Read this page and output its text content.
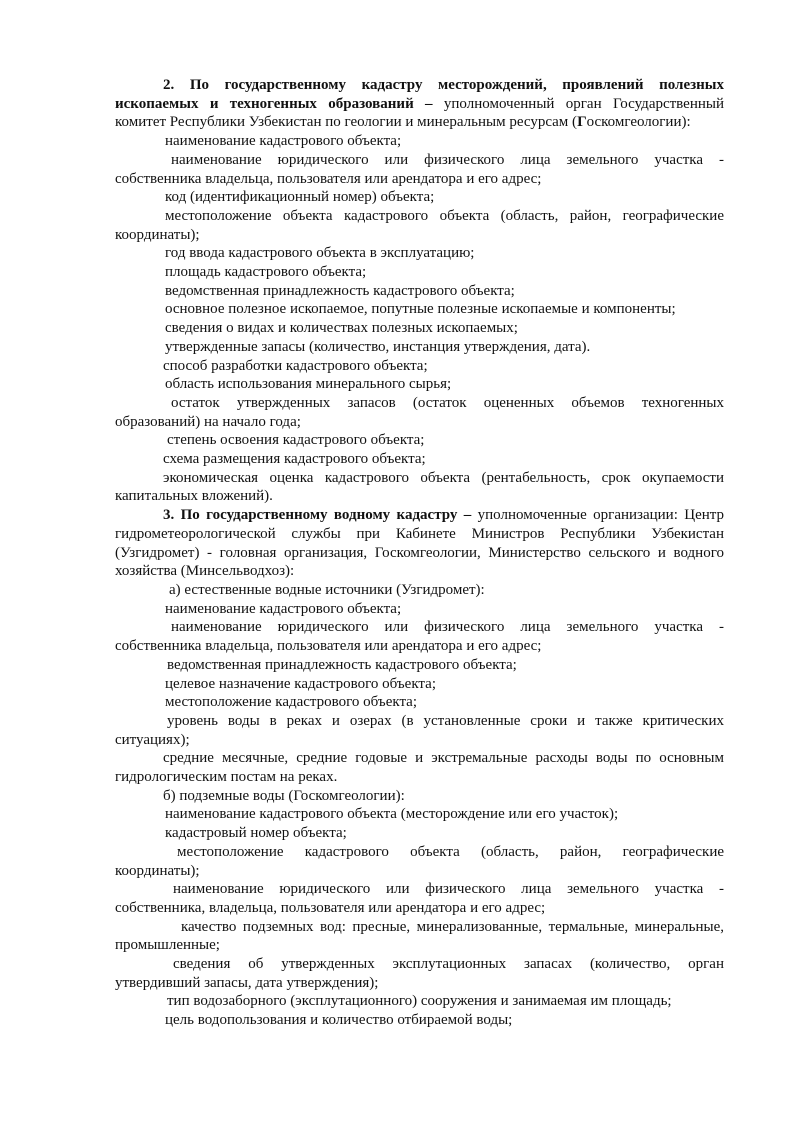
2. По государственному кадастру месторождений, проявлений полезных ископаемых и техногенных образований – уполномоченный орган Государственный комитет Республики Узбекистан по геологии и минеральным ресурсам (Госкомгеологии):

наименование кадастрового объекта;

наименование юридического или физического лица земельного участка - собственника владельца, пользователя или арендатора и его адрес;

код (идентификационный номер) объекта;

местоположение объекта кадастрового объекта (область, район, географические координаты);

год ввода кадастрового объекта в эксплуатацию;

площадь кадастрового объекта;

ведомственная принадлежность кадастрового объекта;

основное полезное ископаемое, попутные полезные ископаемые и компоненты;

сведения о видах и количествах полезных ископаемых;

утвержденные запасы (количество, инстанция утверждения, дата).

способ разработки кадастрового объекта;

область использования минерального сырья;

остаток утвержденных запасов (остаток оцененных объемов техногенных образований) на начало года;

степень освоения кадастрового объекта;

схема размещения кадастрового объекта;

экономическая оценка кадастрового объекта (рентабельность, срок окупаемости капитальных вложений).

3. По государственному водному кадастру – уполномоченные организации: Центр гидрометеорологической службы при Кабинете Министров Республики Узбекистан (Узгидромет) - головная организация, Госкомгеологии, Министерство сельского и водного хозяйства (Минсельводхоз):

а) естественные водные источники (Узгидромет):

наименование кадастрового объекта;

наименование юридического или физического лица земельного участка - собственника владельца, пользователя или арендатора и его адрес;

ведомственная принадлежность кадастрового объекта;

целевое назначение кадастрового объекта;

местоположение кадастрового объекта;

уровень воды в реках и озерах (в установленные сроки и также критических ситуациях);

средние месячные, средние годовые и экстремальные расходы воды по основным гидрологическим постам на реках.

б) подземные воды (Госкомгеологии):

наименование кадастрового объекта (месторождение или его участок);

кадастровый номер объекта;

местоположение кадастрового объекта (область, район, географические координаты);

наименование юридического или физического лица земельного участка - собственника, владельца, пользователя или арендатора и его адрес;

качество подземных вод: пресные, минерализованные, термальные, минеральные, промышленные;

сведения об утвержденных эксплутационных запасах (количество, орган утвердивший запасы, дата утверждения);

тип водозаборного (эксплутационного) сооружения и занимаемая им площадь;

цель водопользования и количество отбираемой воды;
